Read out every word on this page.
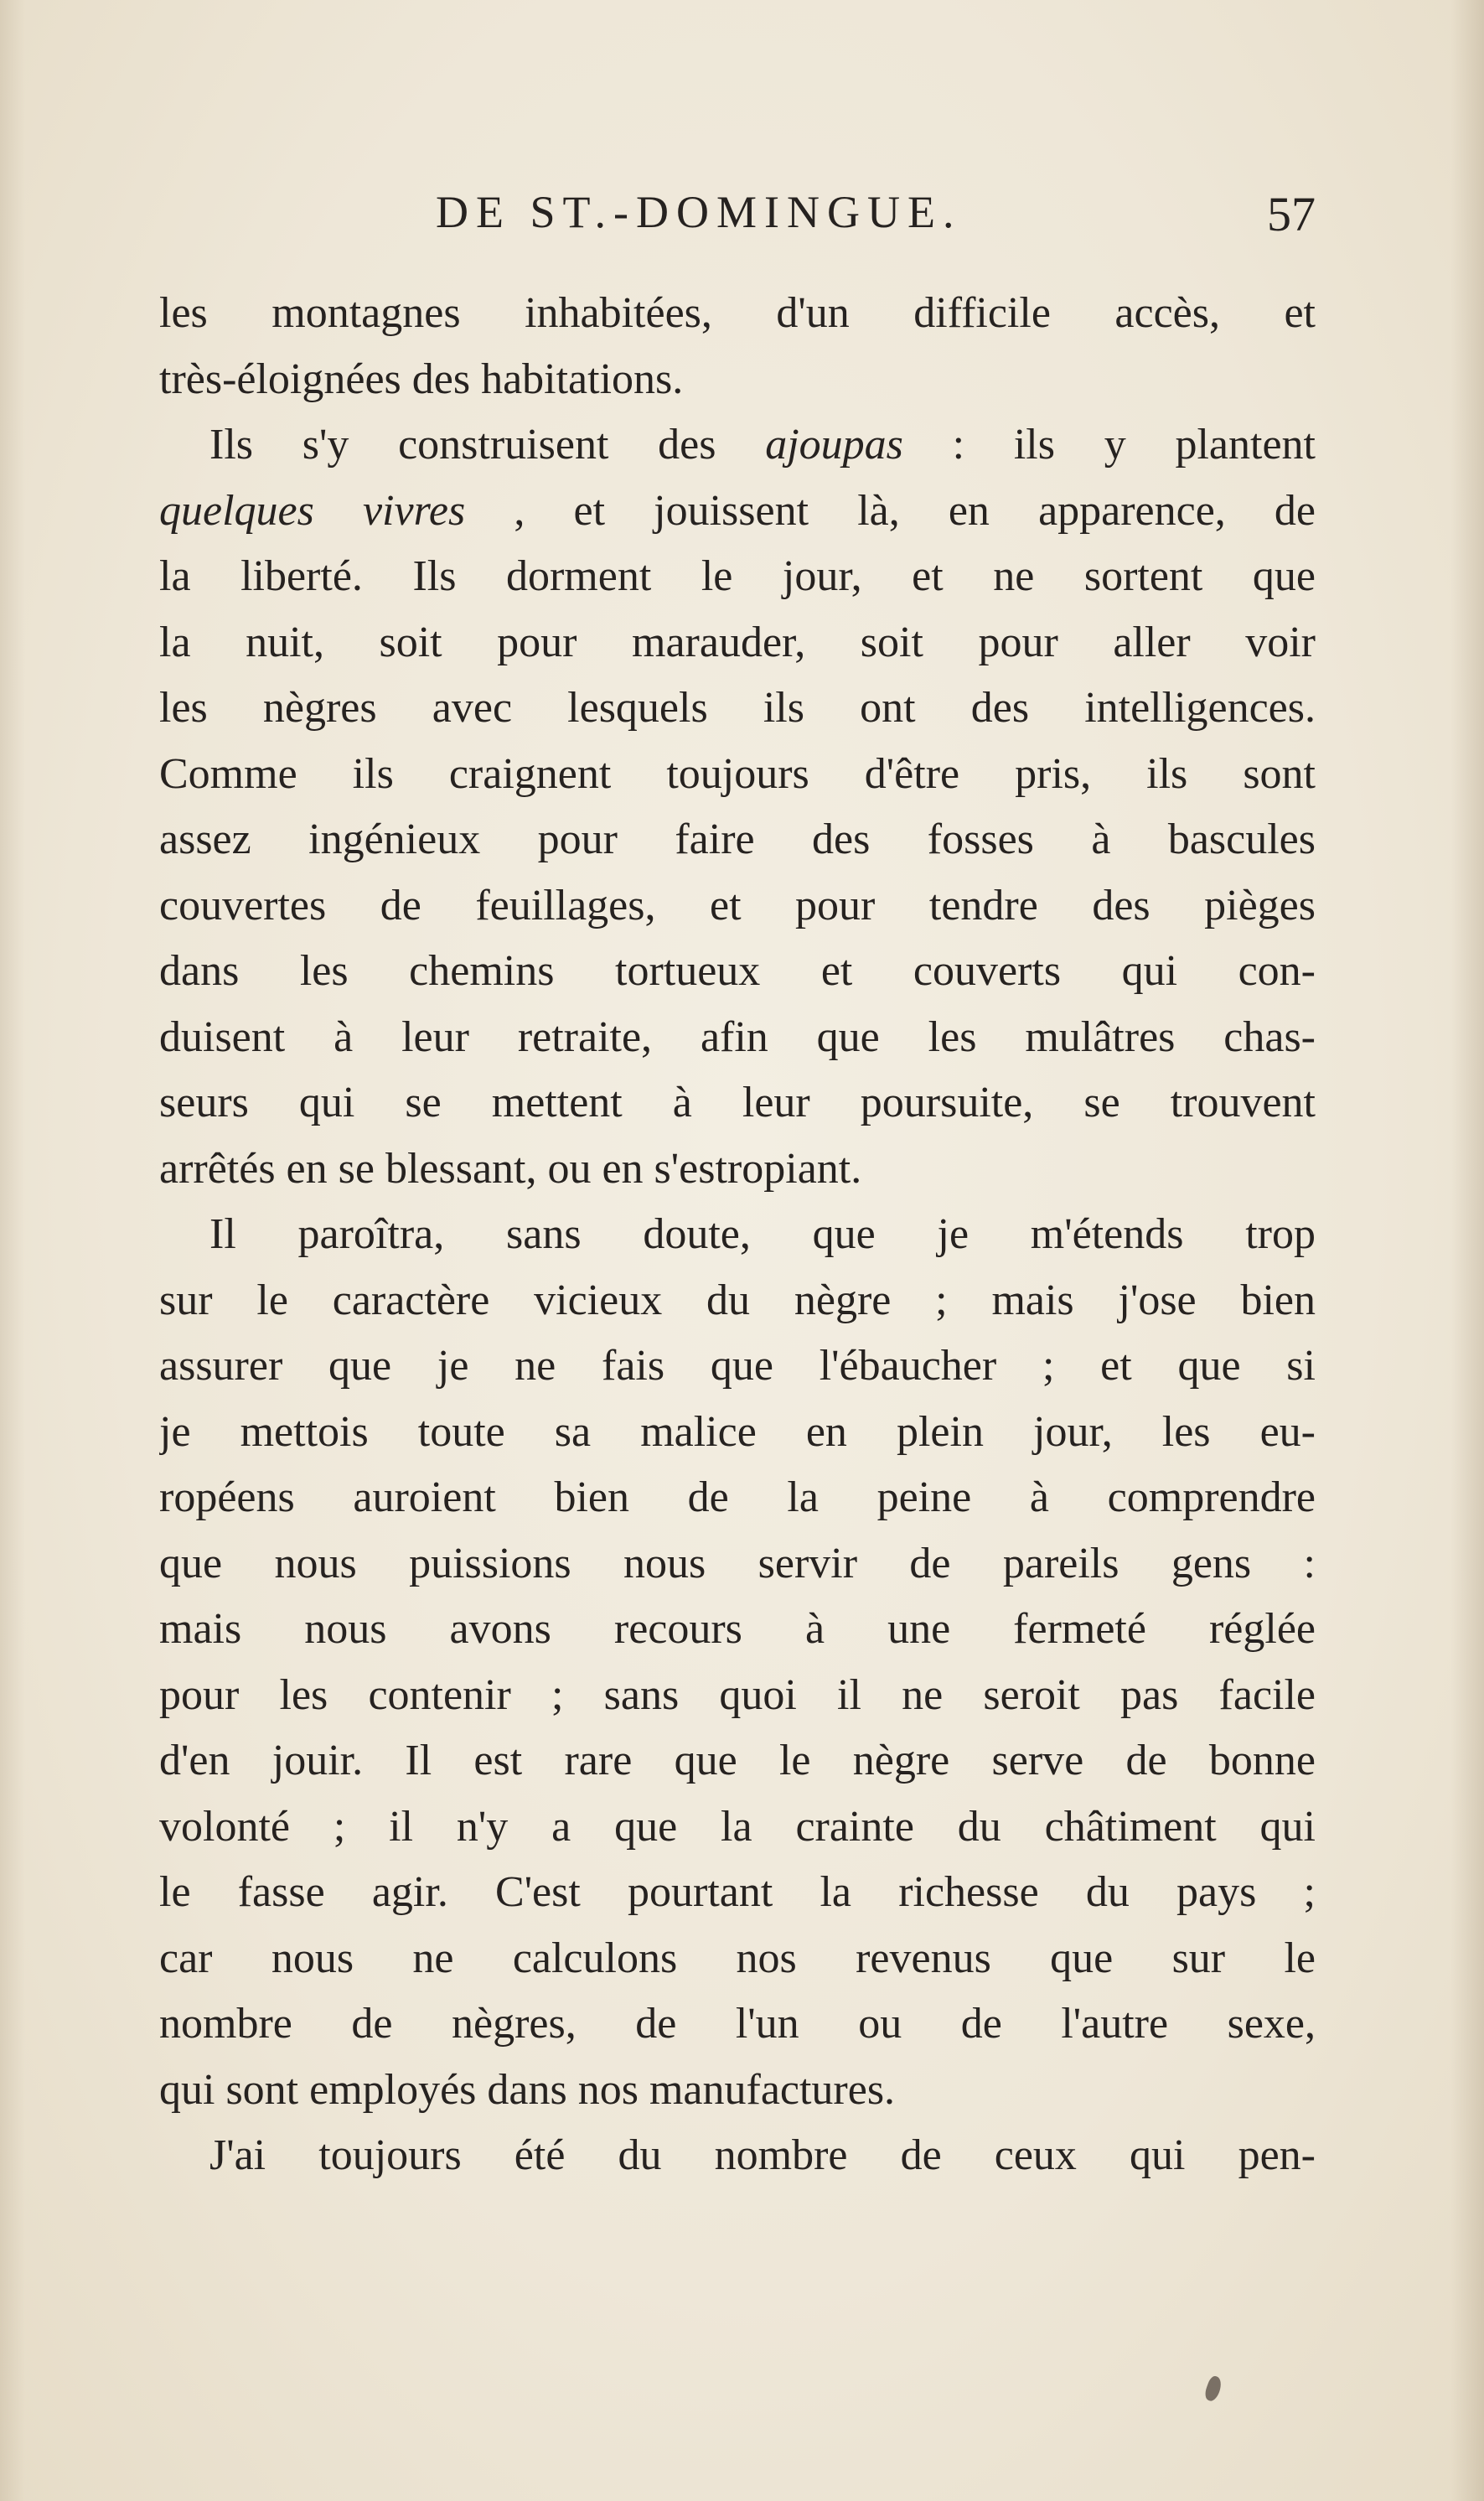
DE ST.-DOMINGUE.	57
les montagnes inhabitées, d'un difficile accès, et
très-éloignées des habitations.
Ils s'y construisent des ajoupas : ils y plantent
quelques vivres , et jouissent là, en apparence, de
la liberté. Ils dorment le jour, et ne sortent que
la nuit, soit pour marauder, soit pour aller voir
les nègres avec lesquels ils ont des intelligences.
Comme ils craignent toujours d'être pris, ils sont
assez ingénieux pour faire des fosses à bascules
couvertes de feuillages, et pour tendre des pièges
dans les chemins tortueux et couverts qui con-
duisent à leur retraite, afin que les mulâtres chas-
seurs qui se mettent à leur poursuite, se trouvent
arrêtés en se blessant, ou en s'estropiant.
Il paroîtra, sans doute, que je m'étends trop
sur le caractère vicieux du nègre ; mais j'ose bien
assurer que je ne fais que l'ébaucher ; et que si
je mettois toute sa malice en plein jour, les eu-
ropéens auroient bien de la peine à comprendre
que nous puissions nous servir de pareils gens :
mais nous avons recours à une fermeté réglée
pour les contenir ; sans quoi il ne seroit pas facile
d'en jouir. Il est rare que le nègre serve de bonne
volonté ; il n'y a que la crainte du châtiment qui
le fasse agir. C'est pourtant la richesse du pays ;
car nous ne calculons nos revenus que sur le
nombre de nègres, de l'un ou de l'autre sexe,
qui sont employés dans nos manufactures.
J'ai toujours été du nombre de ceux qui pen-
